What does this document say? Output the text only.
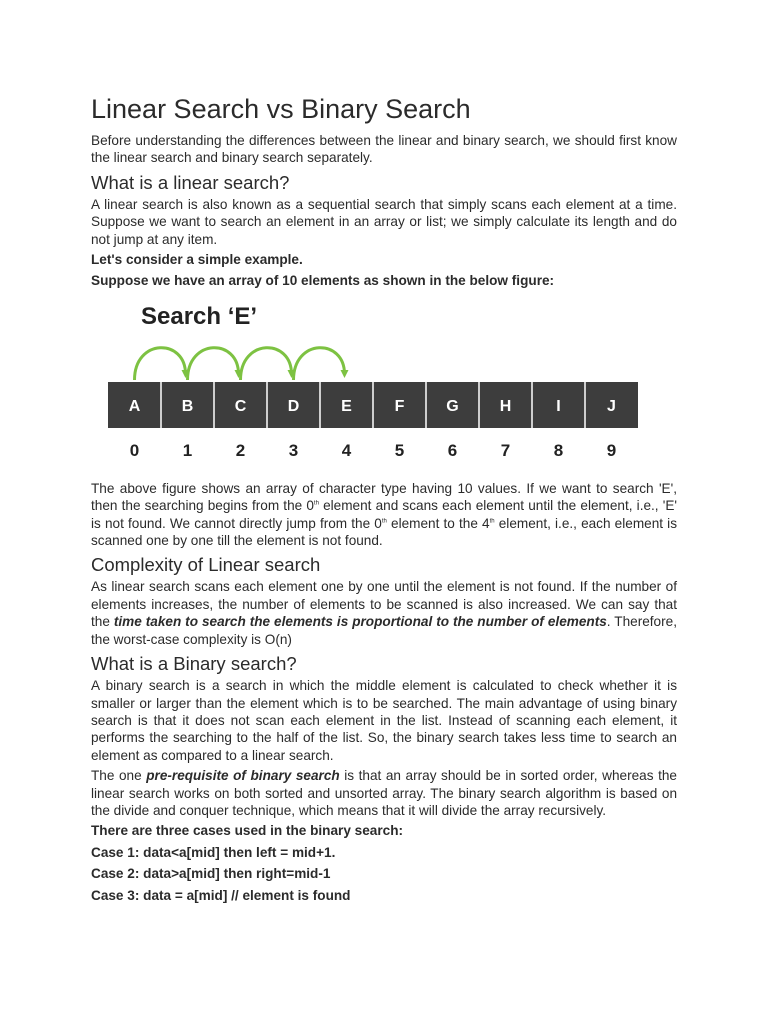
Linear Search vs Binary Search

Before understanding the differences between the linear and binary search, we should first know the linear search and binary search separately.

What is a linear search?

A linear search is also known as a sequential search that simply scans each element at a time. Suppose we want to search an element in an array or list; we simply calculate its length and do not jump at any item.

Let's consider a simple example.

Suppose we have an array of 10 elements as shown in the below figure:

Search ‘E’
A	B	C	D	E	F	G	H	I	J
0	1	2	3	4	5	6	7	8	9

The above figure shows an array of character type having 10 values. If we want to search 'E', then the searching begins from the 0th element and scans each element until the element, i.e., 'E' is not found. We cannot directly jump from the 0th element to the 4th element, i.e., each element is scanned one by one till the element is not found.

Complexity of Linear search

As linear search scans each element one by one until the element is not found. If the number of elements increases, the number of elements to be scanned is also increased. We can say that the time taken to search the elements is proportional to the number of elements. Therefore, the worst-case complexity is O(n)

What is a Binary search?

A binary search is a search in which the middle element is calculated to check whether it is smaller or larger than the element which is to be searched. The main advantage of using binary search is that it does not scan each element in the list. Instead of scanning each element, it performs the searching to the half of the list. So, the binary search takes less time to search an element as compared to a linear search.

The one pre-requisite of binary search is that an array should be in sorted order, whereas the linear search works on both sorted and unsorted array. The binary search algorithm is based on the divide and conquer technique, which means that it will divide the array recursively.

There are three cases used in the binary search:

Case 1: data<a[mid] then left = mid+1.

Case 2: data>a[mid] then right=mid-1

Case 3: data = a[mid] // element is found
